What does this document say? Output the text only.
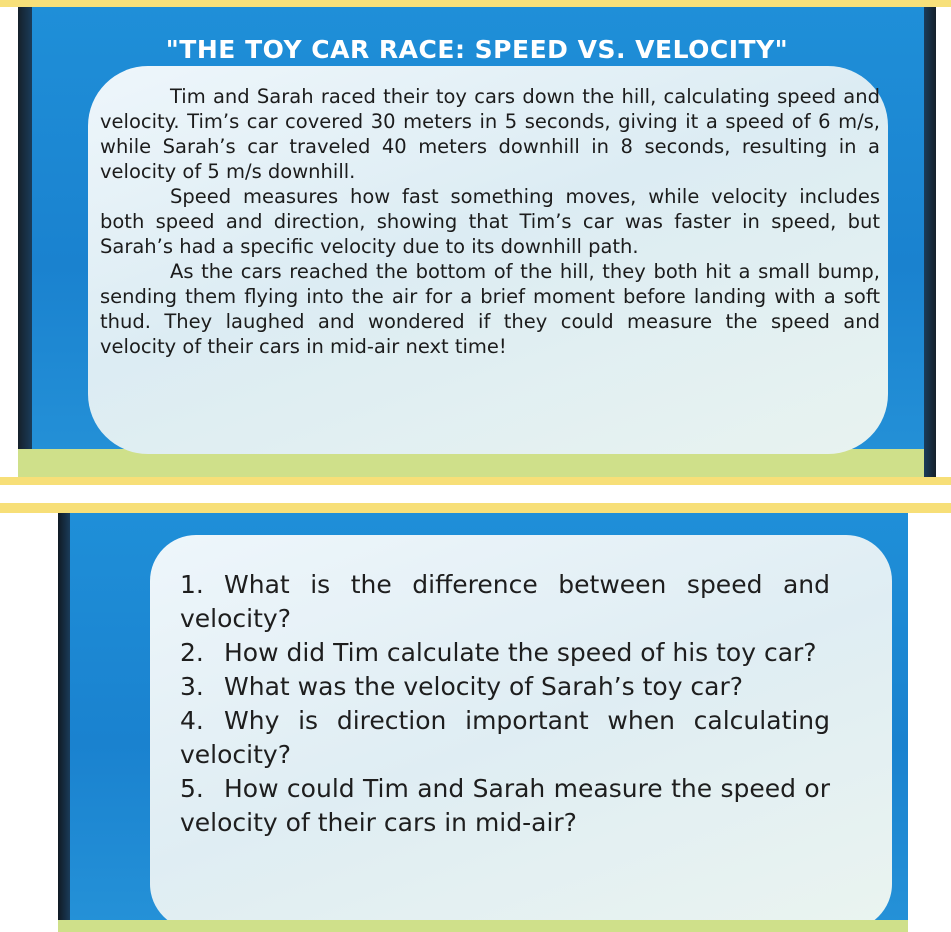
"THE TOY CAR RACE: SPEED VS. VELOCITY"

Tim and Sarah raced their toy cars down the hill, calculating speed and velocity. Tim’s car covered 30 meters in 5 seconds, giving it a speed of 6 m/s, while Sarah’s car traveled 40 meters downhill in 8 seconds, resulting in a velocity of 5 m/s downhill.

Speed measures how fast something moves, while velocity includes both speed and direction, showing that Tim’s car was faster in speed, but Sarah’s had a specific velocity due to its downhill path.

As the cars reached the bottom of the hill, they both hit a small bump, sending them flying into the air for a brief moment before landing with a soft thud. They laughed and wondered if they could measure the speed and velocity of their cars in mid-air next time!

1. What is the difference between speed and velocity?
2. How did Tim calculate the speed of his toy car?
3. What was the velocity of Sarah’s toy car?
4. Why is direction important when calculating velocity?
5. How could Tim and Sarah measure the speed or velocity of their cars in mid-air?
